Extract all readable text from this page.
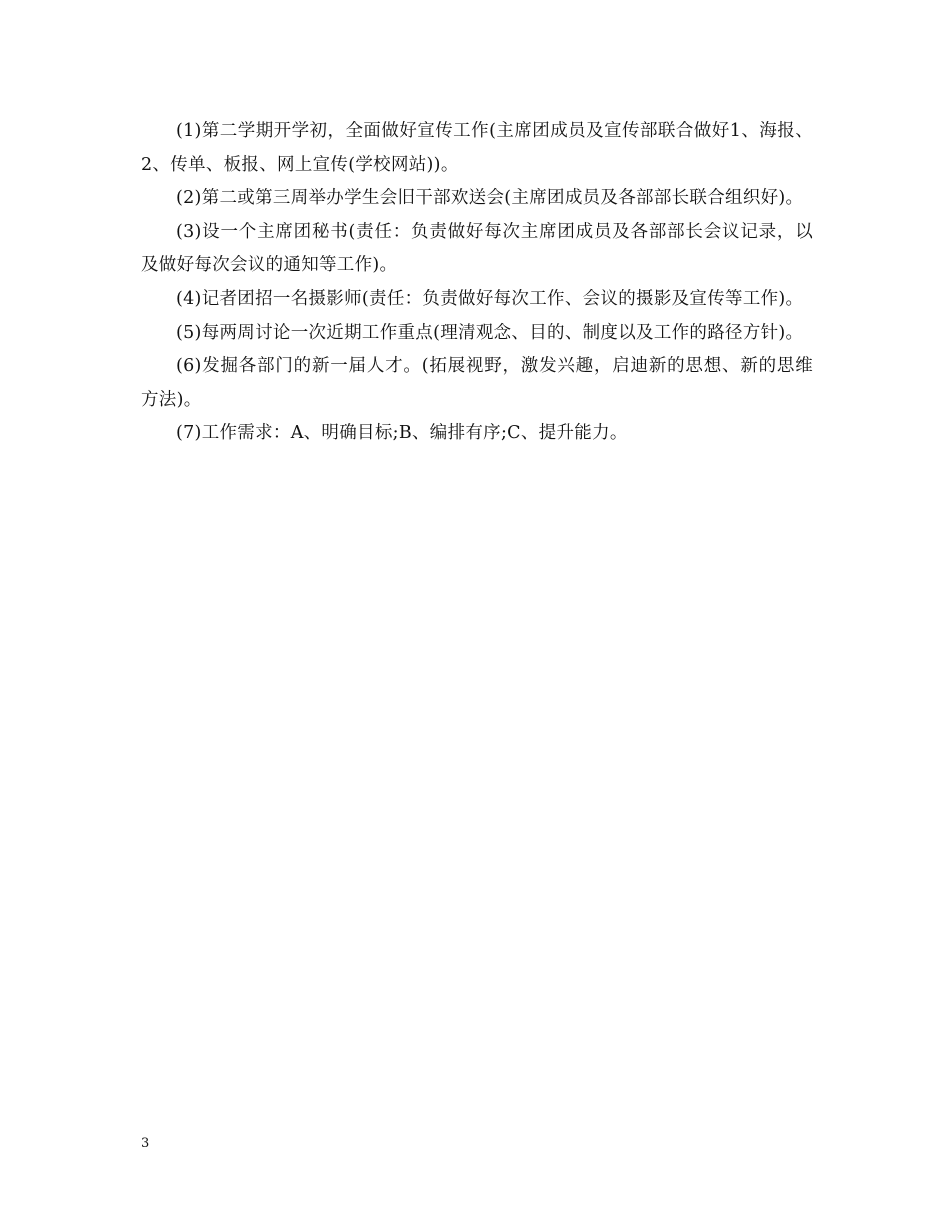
(1)第二学期开学初，全面做好宣传工作(主席团成员及宣传部联合做好1、海报、2、传单、板报、网上宣传(学校网站))。

(2)第二或第三周举办学生会旧干部欢送会(主席团成员及各部部长联合组织好)。

(3)设一个主席团秘书(责任：负责做好每次主席团成员及各部部长会议记录，以及做好每次会议的通知等工作)。

(4)记者团招一名摄影师(责任：负责做好每次工作、会议的摄影及宣传等工作)。

(5)每两周讨论一次近期工作重点(理清观念、目的、制度以及工作的路径方针)。

(6)发掘各部门的新一届人才。(拓展视野，激发兴趣，启迪新的思想、新的思维方法)。

(7)工作需求：A、明确目标;B、编排有序;C、提升能力。

3
